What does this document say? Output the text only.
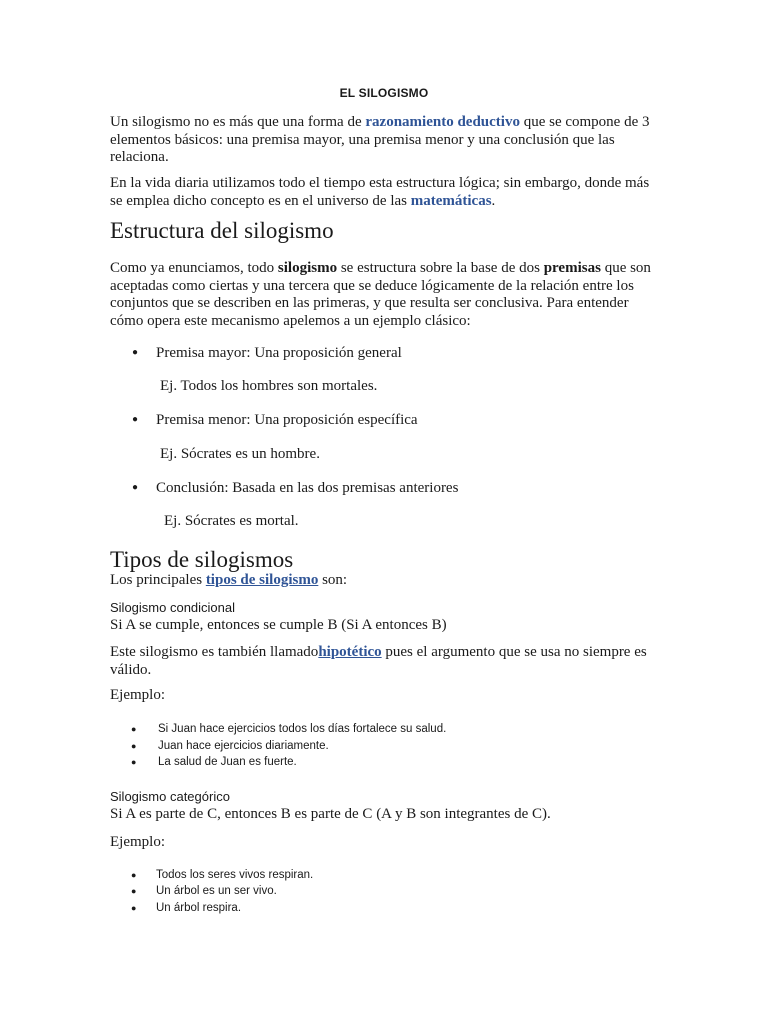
EL SILOGISMO
Un silogismo no es más que una forma de razonamiento deductivo que se compone de 3 elementos básicos: una premisa mayor, una premisa menor y una conclusión que las relaciona.
En la vida diaria utilizamos todo el tiempo esta estructura lógica; sin embargo, donde más se emplea dicho concepto es en el universo de las matemáticas.
Estructura del silogismo
Como ya enunciamos, todo silogismo se estructura sobre la base de dos premisas que son aceptadas como ciertas y una tercera que se deduce lógicamente de la relación entre los conjuntos que se describen en las primeras, y que resulta ser conclusiva. Para entender cómo opera este mecanismo apelemos a un ejemplo clásico:
● Premisa mayor: Una proposición general
Ej. Todos los hombres son mortales.
● Premisa menor: Una proposición específica
Ej. Sócrates es un hombre.
● Conclusión: Basada en las dos premisas anteriores
Ej. Sócrates es mortal.
Tipos de silogismos
Los principales tipos de silogismo son:
Silogismo condicional
Si A se cumple, entonces se cumple B (Si A entonces B)
Este silogismo es también llamadohipotético pues el argumento que se usa no siempre es válido.
Ejemplo:
● Si Juan hace ejercicios todos los días fortalece su salud.
● Juan hace ejercicios diariamente.
● La salud de Juan es fuerte.
Silogismo categórico
Si A es parte de C, entonces B es parte de C (A y B son integrantes de C).
Ejemplo:
● Todos los seres vivos respiran.
● Un árbol es un ser vivo.
● Un árbol respira.
